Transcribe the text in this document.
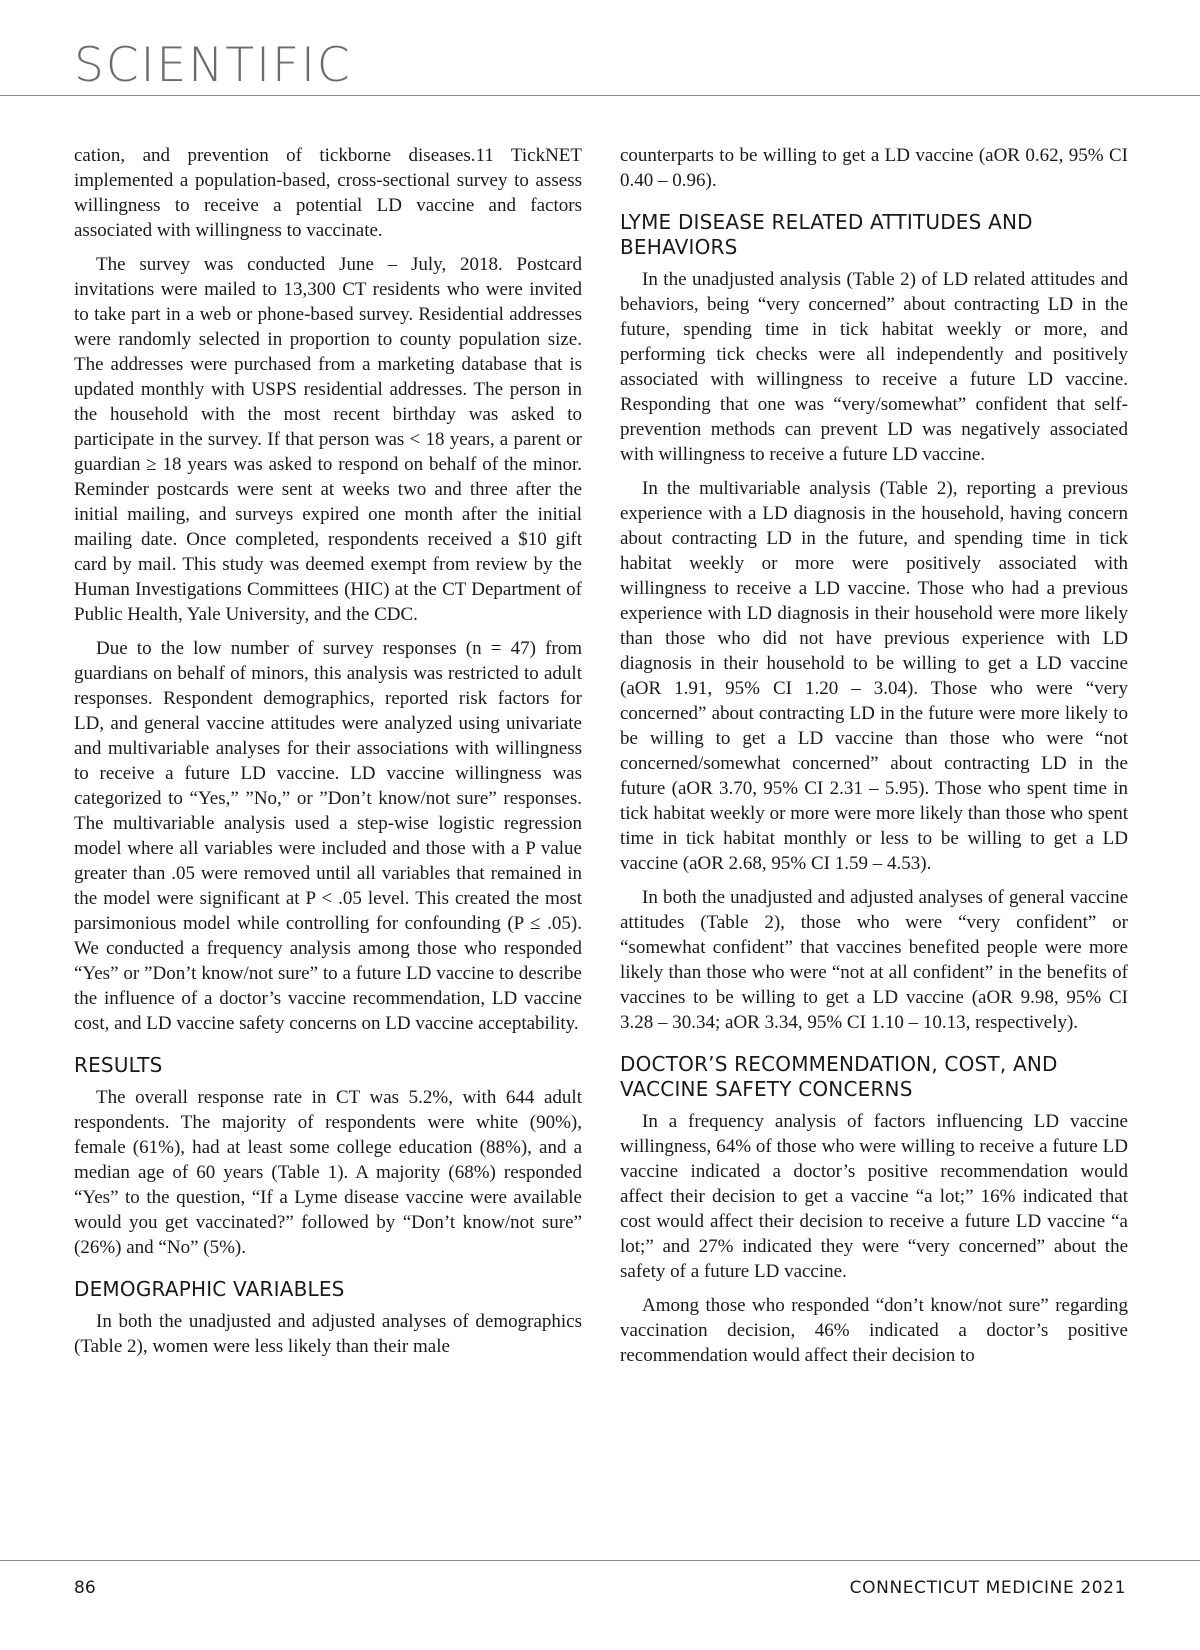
SCIENTIFIC

cation, and prevention of tickborne diseases.11 TickNET implemented a population-based, cross-sectional survey to assess willingness to receive a potential LD vaccine and factors associated with willingness to vaccinate.

The survey was conducted June – July, 2018. Postcard invitations were mailed to 13,300 CT residents who were invited to take part in a web or phone-based survey. Residential addresses were randomly selected in proportion to county population size. The addresses were purchased from a marketing database that is updated monthly with USPS residential addresses. The person in the household with the most recent birthday was asked to participate in the survey. If that person was < 18 years, a parent or guardian ≥ 18 years was asked to respond on behalf of the minor. Reminder postcards were sent at weeks two and three after the initial mailing, and surveys expired one month after the initial mailing date. Once completed, respondents received a $10 gift card by mail. This study was deemed exempt from review by the Human Investigations Committees (HIC) at the CT Department of Public Health, Yale University, and the CDC.

Due to the low number of survey responses (n = 47) from guardians on behalf of minors, this analysis was restricted to adult responses. Respondent demographics, reported risk factors for LD, and general vaccine attitudes were analyzed using univariate and multivariable analyses for their associations with willingness to receive a future LD vaccine. LD vaccine willingness was categorized to “Yes,” ”No,” or ”Don’t know/not sure” responses. The multivariable analysis used a step-wise logistic regression model where all variables were included and those with a P value greater than .05 were removed until all variables that remained in the model were significant at P < .05 level. This created the most parsimonious model while controlling for confounding (P ≤ .05). We conducted a frequency analysis among those who responded “Yes” or ”Don’t know/not sure” to a future LD vaccine to describe the influence of a doctor’s vaccine recommendation, LD vaccine cost, and LD vaccine safety concerns on LD vaccine acceptability.

RESULTS

The overall response rate in CT was 5.2%, with 644 adult respondents. The majority of respondents were white (90%), female (61%), had at least some college education (88%), and a median age of 60 years (Table 1). A majority (68%) responded “Yes” to the question, “If a Lyme disease vaccine were available would you get vaccinated?” followed by “Don’t know/not sure” (26%) and “No” (5%).

DEMOGRAPHIC VARIABLES

In both the unadjusted and adjusted analyses of demographics (Table 2), women were less likely than their male

counterparts to be willing to get a LD vaccine (aOR 0.62, 95% CI 0.40 – 0.96).

LYME DISEASE RELATED ATTITUDES AND BEHAVIORS

In the unadjusted analysis (Table 2) of LD related attitudes and behaviors, being “very concerned” about contracting LD in the future, spending time in tick habitat weekly or more, and performing tick checks were all independently and positively associated with willingness to receive a future LD vaccine. Responding that one was “very/somewhat” confident that self-prevention methods can prevent LD was negatively associated with willingness to receive a future LD vaccine.

In the multivariable analysis (Table 2), reporting a previous experience with a LD diagnosis in the household, having concern about contracting LD in the future, and spending time in tick habitat weekly or more were positively associated with willingness to receive a LD vaccine. Those who had a previous experience with LD diagnosis in their household were more likely than those who did not have previous experience with LD diagnosis in their household to be willing to get a LD vaccine (aOR 1.91, 95% CI 1.20 – 3.04). Those who were “very concerned” about contracting LD in the future were more likely to be willing to get a LD vaccine than those who were “not concerned/somewhat concerned” about contracting LD in the future (aOR 3.70, 95% CI 2.31 – 5.95). Those who spent time in tick habitat weekly or more were more likely than those who spent time in tick habitat monthly or less to be willing to get a LD vaccine (aOR 2.68, 95% CI 1.59 – 4.53).

In both the unadjusted and adjusted analyses of general vaccine attitudes (Table 2), those who were “very confident” or “somewhat confident” that vaccines benefited people were more likely than those who were “not at all confident” in the benefits of vaccines to be willing to get a LD vaccine (aOR 9.98, 95% CI 3.28 – 30.34; aOR 3.34, 95% CI 1.10 – 10.13, respectively).

DOCTOR’S RECOMMENDATION, COST, AND VACCINE SAFETY CONCERNS

In a frequency analysis of factors influencing LD vaccine willingness, 64% of those who were willing to receive a future LD vaccine indicated a doctor’s positive recommendation would affect their decision to get a vaccine “a lot;” 16% indicated that cost would affect their decision to receive a future LD vaccine “a lot;” and 27% indicated they were “very concerned” about the safety of a future LD vaccine.

Among those who responded “don’t know/not sure” regarding vaccination decision, 46% indicated a doctor’s positive recommendation would affect their decision to

86	CONNECTICUT MEDICINE 2021
